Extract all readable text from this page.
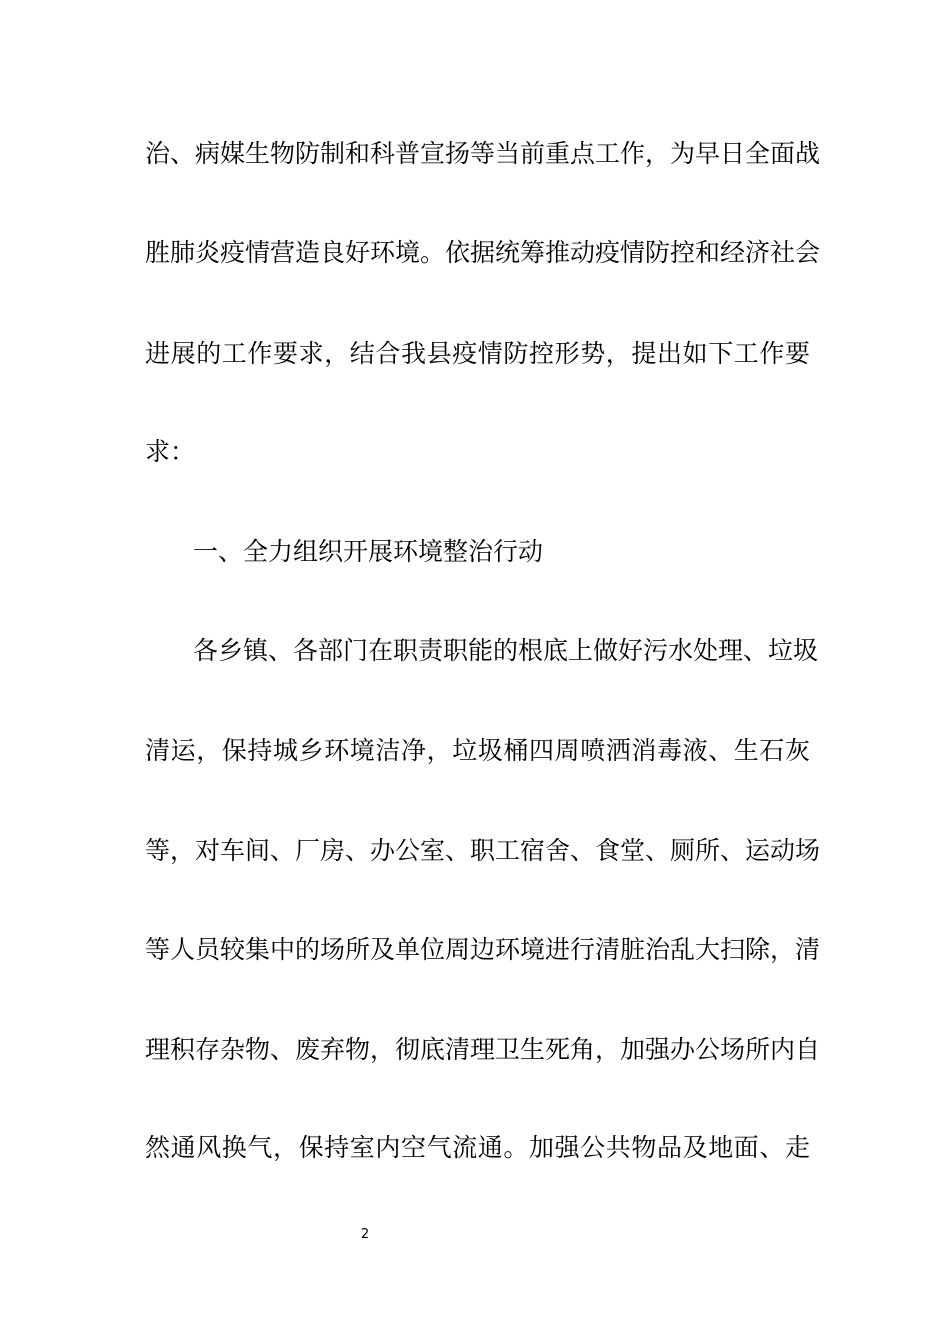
治、病媒生物防制和科普宣扬等当前重点工作，为早日全面战
胜肺炎疫情营造良好环境。依据统筹推动疫情防控和经济社会
进展的工作要求，结合我县疫情防控形势，提出如下工作要
求：
一、全力组织开展环境整治行动
各乡镇、各部门在职责职能的根底上做好污水处理、垃圾
清运，保持城乡环境洁净，垃圾桶四周喷洒消毒液、生石灰
等，对车间、厂房、办公室、职工宿舍、食堂、厕所、运动场
等人员较集中的场所及单位周边环境进行清脏治乱大扫除，清
理积存杂物、废弃物，彻底清理卫生死角，加强办公场所内自
然通风换气，保持室内空气流通。加强公共物品及地面、走
2
